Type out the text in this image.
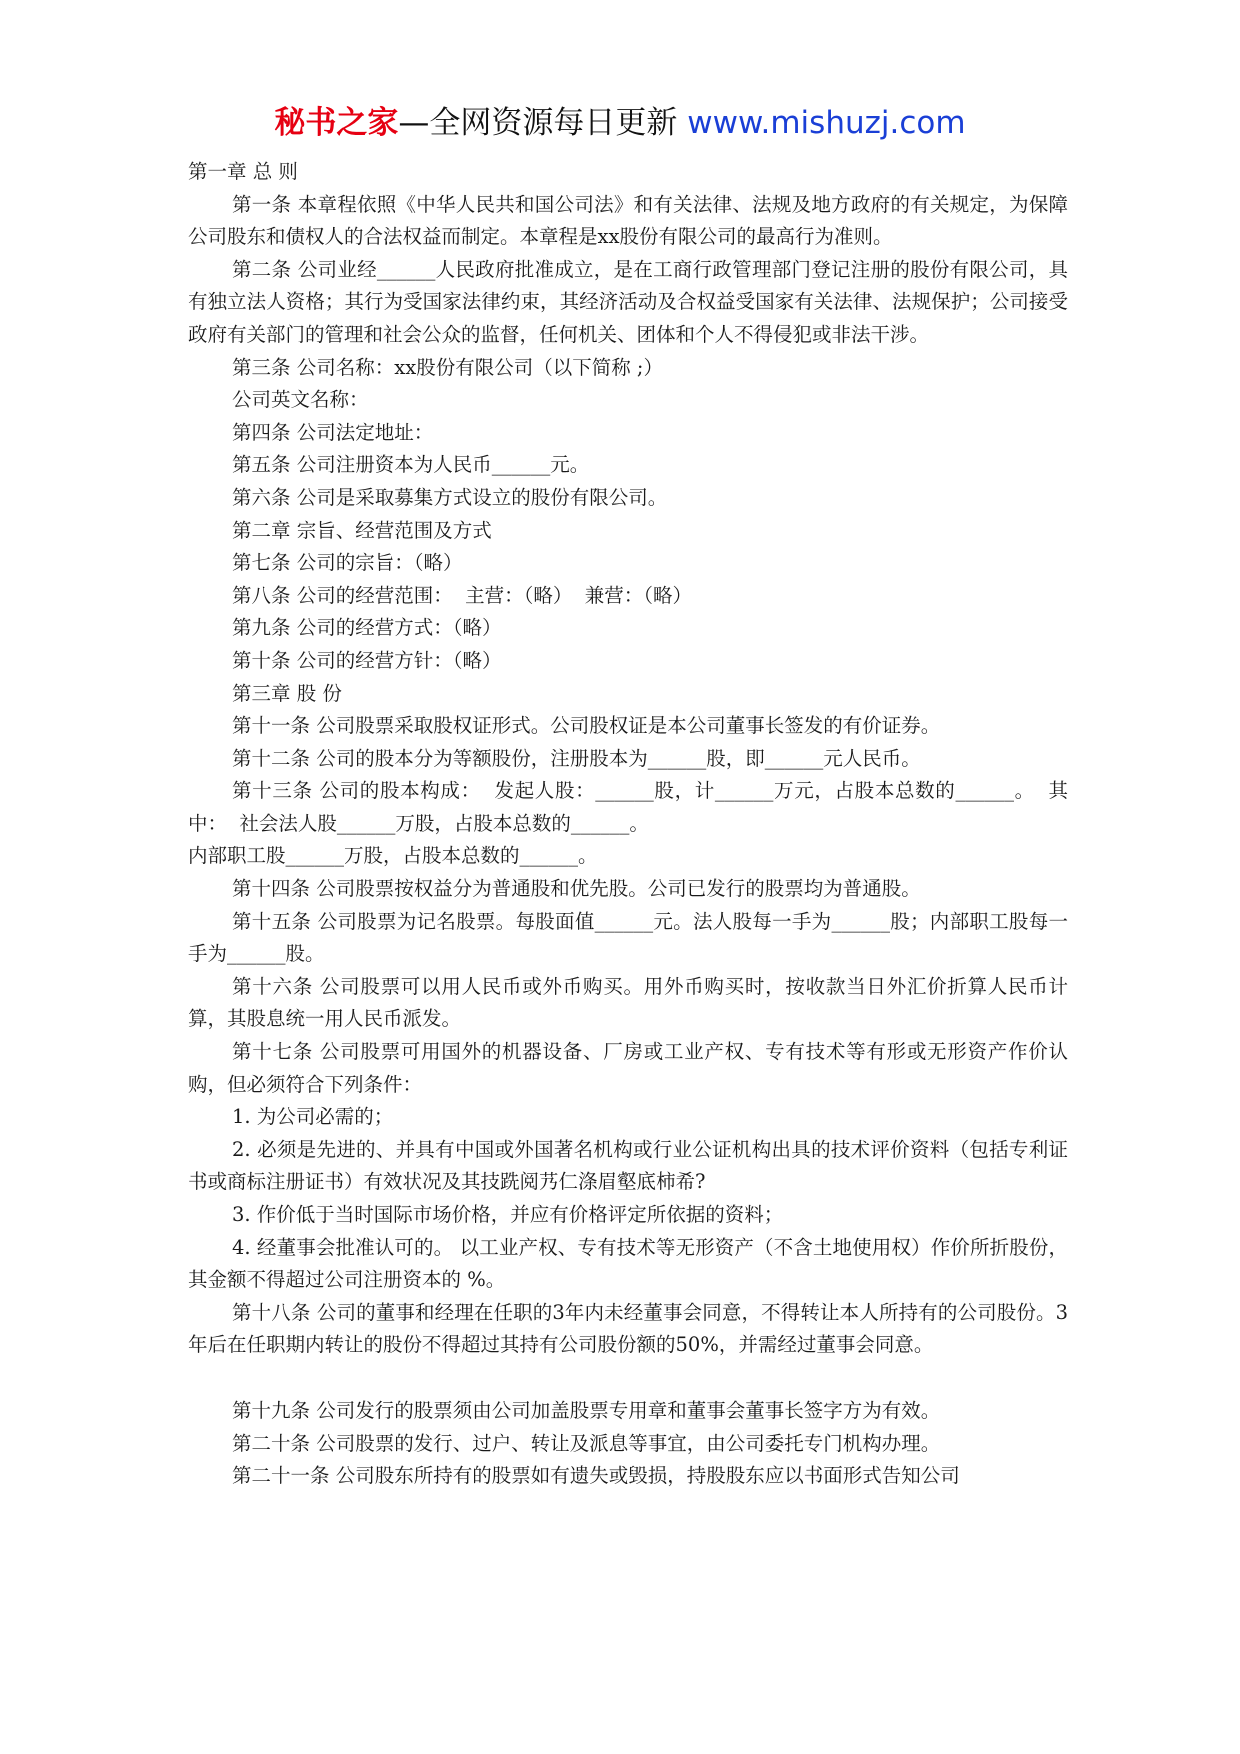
秘书之家—全网资源每日更新 www.mishuzj.com

第一章 总 则

第一条 本章程依照《中华人民共和国公司法》和有关法律、法规及地方政府的有关规定，为保障公司股东和债权人的合法权益而制定。本章程是xx股份有限公司的最高行为准则。

第二条 公司业经______人民政府批准成立，是在工商行政管理部门登记注册的股份有限公司，具有独立法人资格；其行为受国家法律约束，其经济活动及合权益受国家有关法律、法规保护；公司接受政府有关部门的管理和社会公众的监督，任何机关、团体和个人不得侵犯或非法干涉。

第三条 公司名称：xx股份有限公司（以下简称 ;）

公司英文名称：

第四条 公司法定地址：

第五条 公司注册资本为人民币______元。

第六条 公司是采取募集方式设立的股份有限公司。

第二章 宗旨、经营范围及方式

第七条 公司的宗旨：（略）

第八条 公司的经营范围：  主营：（略）  兼营：（略）

第九条 公司的经营方式：（略）

第十条 公司的经营方针：（略）

第三章 股 份

第十一条 公司股票采取股权证形式。公司股权证是本公司董事长签发的有价证券。

第十二条 公司的股本分为等额股份，注册股本为______股，即______元人民币。

第十三条 公司的股本构成：  发起人股：______股，计______万元，占股本总数的______。  其中：  社会法人股______万股，占股本总数的______。

内部职工股______万股，占股本总数的______。

第十四条 公司股票按权益分为普通股和优先股。公司已发行的股票均为普通股。

第十五条 公司股票为记名股票。每股面值______元。法人股每一手为______股；内部职工股每一手为______股。

第十六条 公司股票可以用人民币或外币购买。用外币购买时，按收款当日外汇价折算人民币计算，其股息统一用人民币派发。

第十七条 公司股票可用国外的机器设备、厂房或工业产权、专有技术等有形或无形资产作价认购，但必须符合下列条件：

1. 为公司必需的；

2. 必须是先进的、并具有中国或外国著名机构或行业公证机构出具的技术评价资料（包括专利证书或商标注册证书）有效状况及其技跣阅艿仁涤眉壑底柿希?

3. 作价低于当时国际市场价格，并应有价格评定所依据的资料；

4. 经董事会批准认可的。 以工业产权、专有技术等无形资产（不含土地使用权）作价所折股份，其金额不得超过公司注册资本的 %。

第十八条 公司的董事和经理在任职的3年内未经董事会同意，不得转让本人所持有的公司股份。3年后在任职期内转让的股份不得超过其持有公司股份额的50%，并需经过董事会同意。

第十九条 公司发行的股票须由公司加盖股票专用章和董事会董事长签字方为有效。

第二十条 公司股票的发行、过户、转让及派息等事宜，由公司委托专门机构办理。

第二十一条 公司股东所持有的股票如有遗失或毁损，持股股东应以书面形式告知公司
